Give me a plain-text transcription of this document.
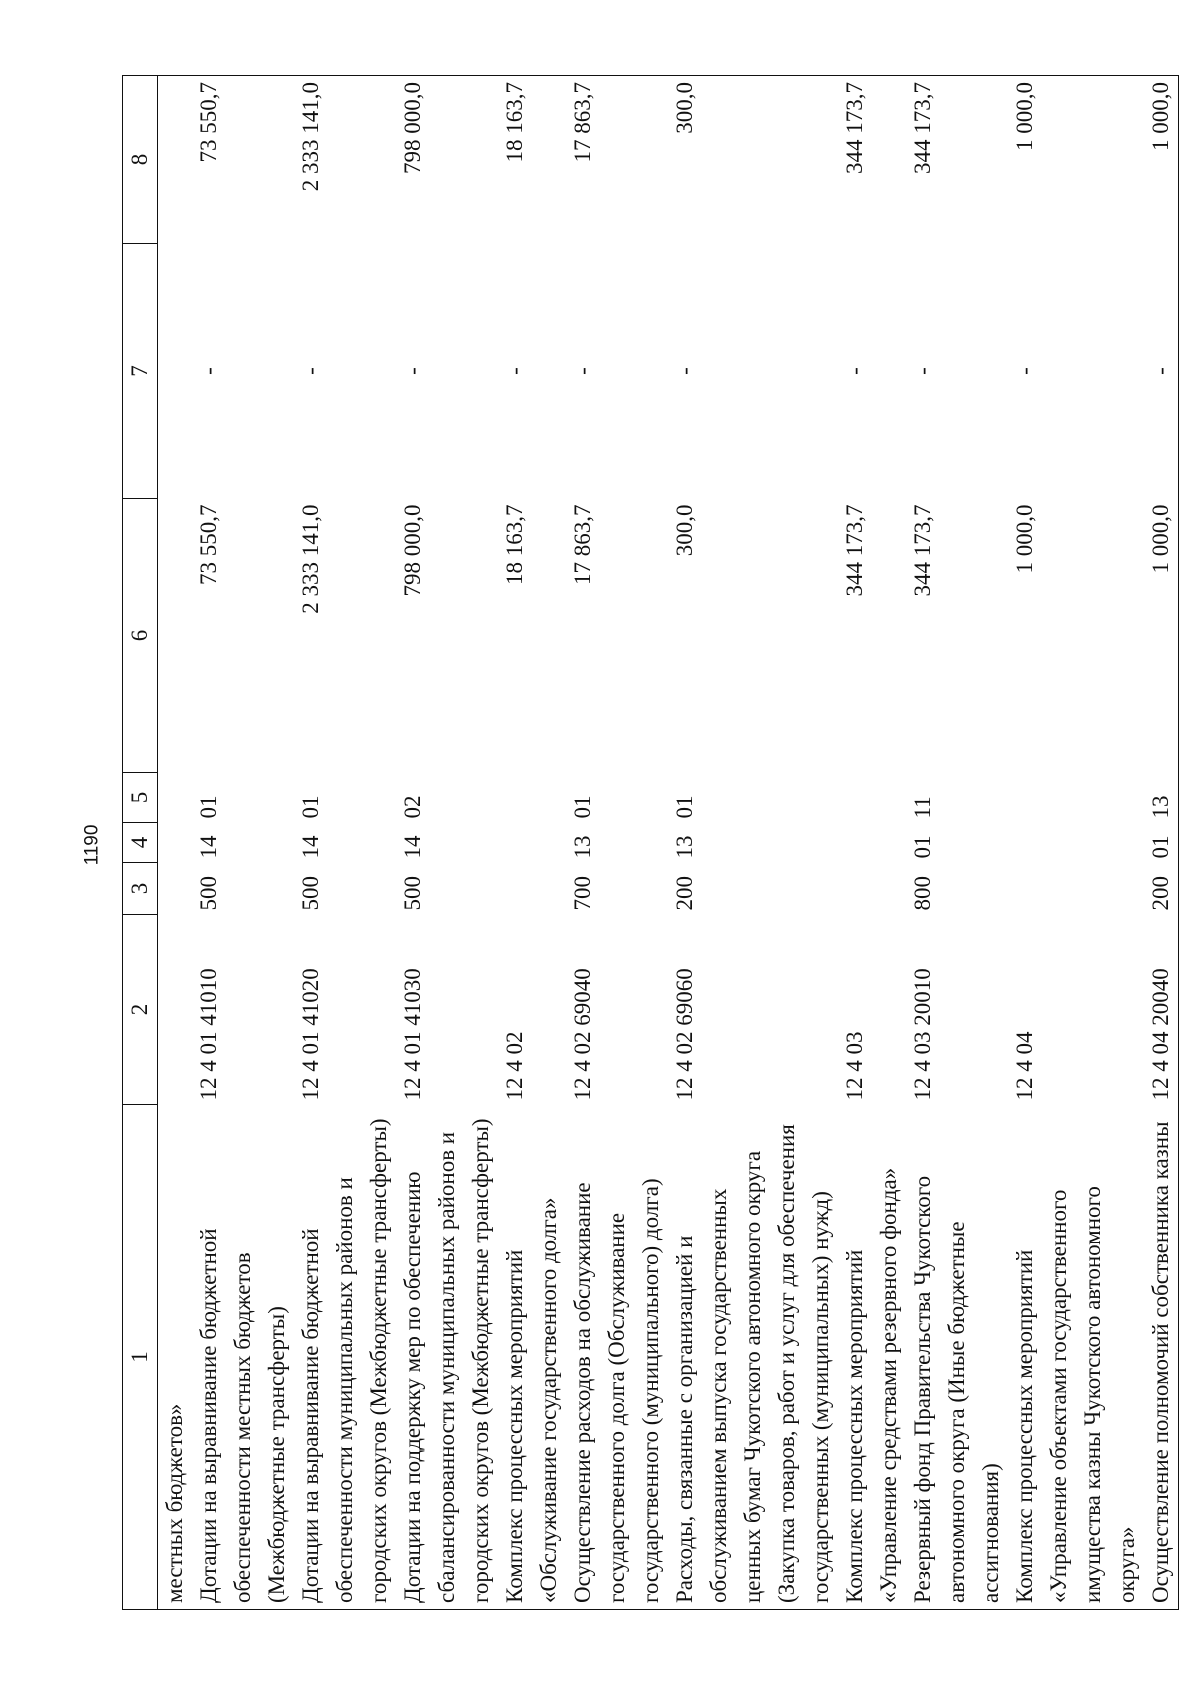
1190
1	2	3	4	5	6	7	8

местных бюджетов»							

Дотации на выравнивание бюджетной обеспеченности местных бюджетов (Межбюджетные трансферты)	12 4 01 41010	500	14	01	73 550,7	-	73 550,7

Дотации на выравнивание бюджетной обеспеченности муниципальных районов и городских округов (Межбюджетные трансферты)	12 4 01 41020	500	14	01	2 333 141,0	-	2 333 141,0

Дотации на поддержку мер по обеспечению сбалансированности муниципальных районов и городских округов (Межбюджетные трансферты)	12 4 01 41030	500	14	02	798 000,0	-	798 000,0

Комплекс процессных мероприятий «Обслуживание государственного долга»	12 4 02				18 163,7	-	18 163,7

Осуществление расходов на обслуживание государственного долга (Обслуживание государственного (муниципального) долга)	12 4 02 69040	700	13	01	17 863,7	-	17 863,7

Расходы, связанные с организацией и обслуживанием выпуска государственных ценных бумаг Чукотского автономного округа (Закупка товаров, работ и услуг для обеспечения государственных (муниципальных) нужд)	12 4 02 69060	200	13	01	300,0	-	300,0

Комплекс процессных мероприятий «Управление средствами резервного фонда»	12 4 03				344 173,7	-	344 173,7

Резервный фонд Правительства Чукотского автономного округа (Иные бюджетные ассигнования)	12 4 03 20010	800	01	11	344 173,7	-	344 173,7

Комплекс процессных мероприятий «Управление объектами государственного имущества казны Чукотского автономного округа»	12 4 04				1 000,0	-	1 000,0

Осуществление полномочий собственника казны	12 4 04 20040	200	01	13	1 000,0	-	1 000,0
